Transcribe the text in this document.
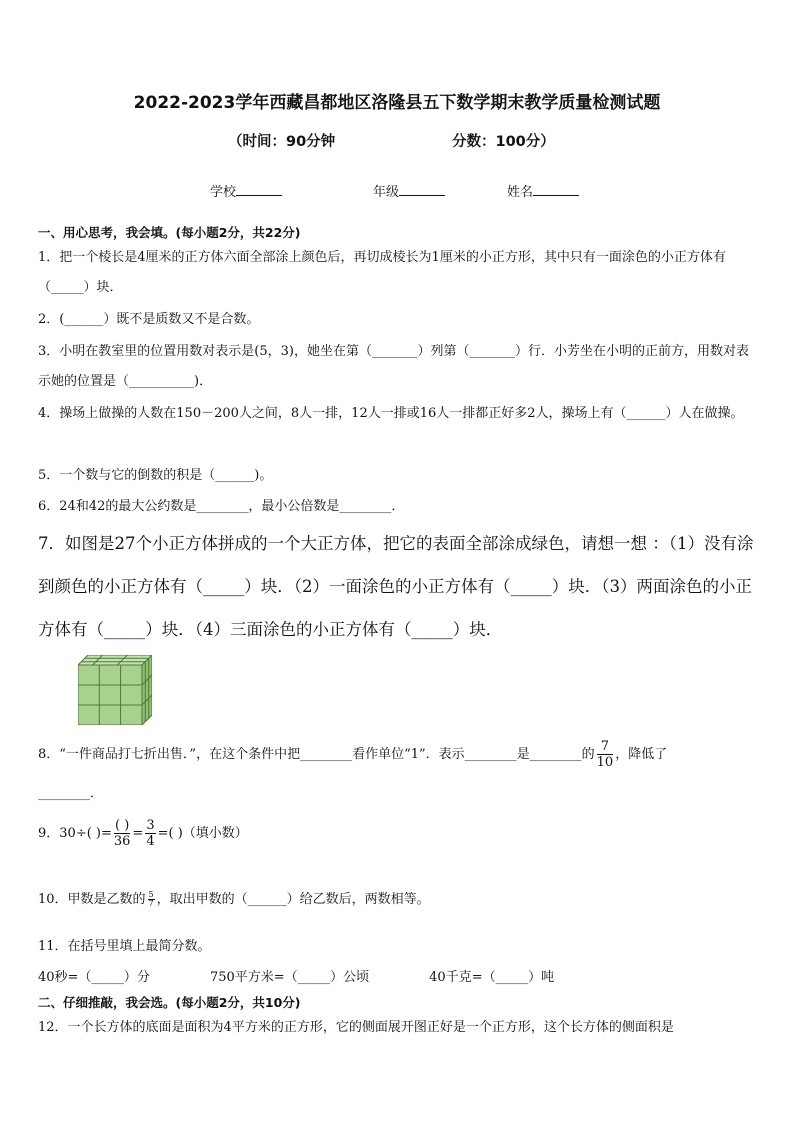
2022-2023学年西藏昌都地区洛隆县五下数学期末教学质量检测试题
（时间：90分钟	分数：100分）
学校	年级	姓名
一、用心思考，我会填。(每小题2分，共22分)
1．把一个棱长是4厘米的正方体六面全部涂上颜色后，再切成棱长为1厘米的小正方形，其中只有一面涂色的小正方体有（_____）块．
2．(______）既不是质数又不是合数。
3．小明在教室里的位置用数对表示是(5，3)，她坐在第（_______）列第（_______）行．小芳坐在小明的正前方，用数对表示她的位置是（__________)．
4．操场上做操的人数在150－200人之间，8人一排，12人一排或16人一排都正好多2人，操场上有（______）人在做操。
5．一个数与它的倒数的积是（______)。
6．24和42的最大公约数是________，最小公倍数是________．
7．如图是27个小正方体拼成的一个大正方体，把它的表面全部涂成绿色，请想一想 ：（1）没有涂到颜色的小正方体有（_____）块．（2）一面涂色的小正方体有（_____）块．（3）两面涂色的小正方体有（_____）块．（4）三面涂色的小正方体有（_____）块．
8．“一件商品打七折出售．”，在这个条件中把________看作单位“1”．表示________是________的 $\frac{7}{10}$ ，降低了
________．
9．30÷( )= $\frac{( )}{36} = \frac{3}{4}$ =( )（填小数）
10．甲数是乙数的 $\frac{5}{7}$ ，取出甲数的（______）给乙数后，两数相等。
11．在括号里填上最简分数。
40秒=（_____）分	750平方米=（_____）公顷	40千克=（_____）吨
二、仔细推敲，我会选。(每小题2分，共10分)
12．一个长方体的底面是面积为4平方米的正方形，它的侧面展开图正好是一个正方形，这个长方体的侧面积是
